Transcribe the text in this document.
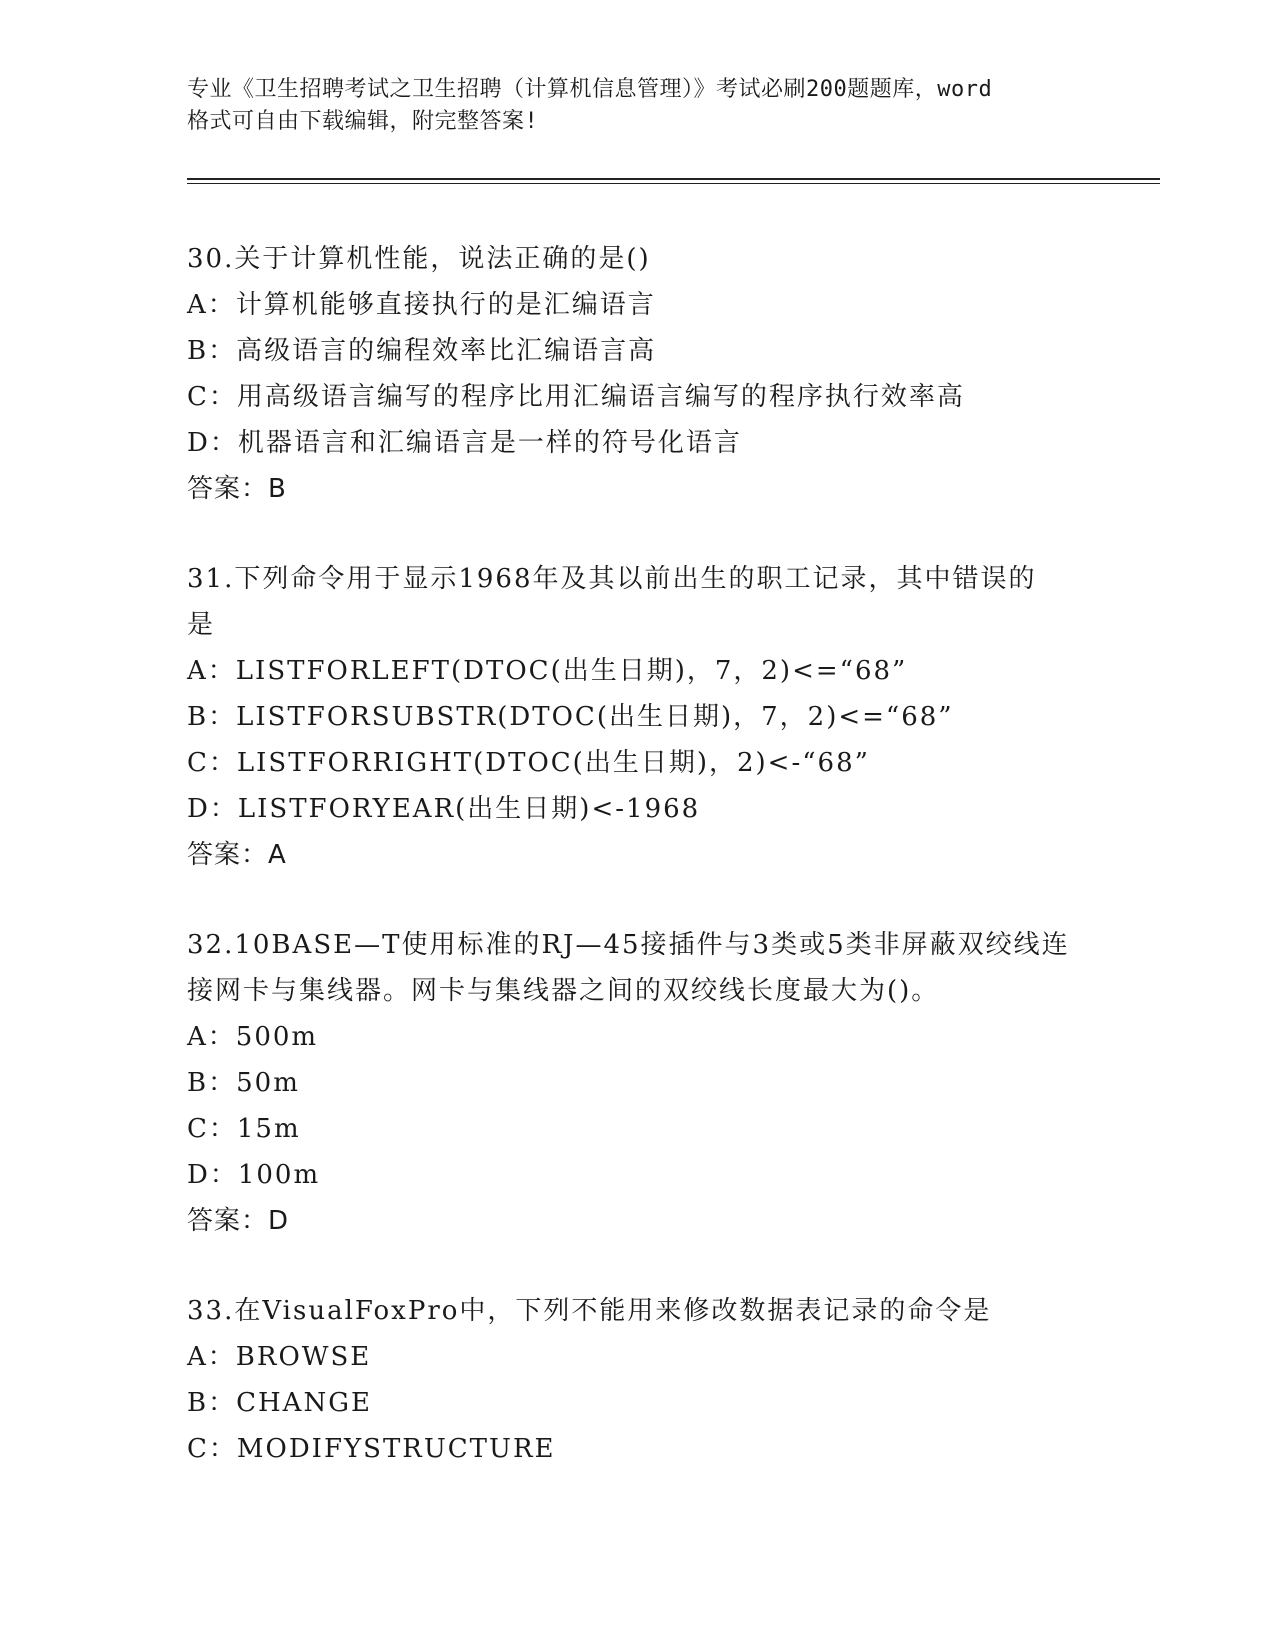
专业《卫生招聘考试之卫生招聘（计算机信息管理）》考试必刷200题题库，word
格式可自由下载编辑，附完整答案!
30.关于计算机性能，说法正确的是()
A：计算机能够直接执行的是汇编语言
B：高级语言的编程效率比汇编语言高
C：用高级语言编写的程序比用汇编语言编写的程序执行效率高
D：机器语言和汇编语言是一样的符号化语言
答案：B
31.下列命令用于显示1968年及其以前出生的职工记录，其中错误的
是
A：LISTFORLEFT(DTOC(出生日期)，7，2)<=“68”
B：LISTFORSUBSTR(DTOC(出生日期)，7，2)<=“68”
C：LISTFORRIGHT(DTOC(出生日期)，2)<-“68”
D：LISTFORYEAR(出生日期)<-1968
答案：A
32.10BASE—T使用标准的RJ—45接插件与3类或5类非屏蔽双绞线连
接网卡与集线器。网卡与集线器之间的双绞线长度最大为()。
A：500m
B：50m
C：15m
D：100m
答案：D
33.在VisualFoxPro中，下列不能用来修改数据表记录的命令是
A：BROWSE
B：CHANGE
C：MODIFYSTRUCTURE
